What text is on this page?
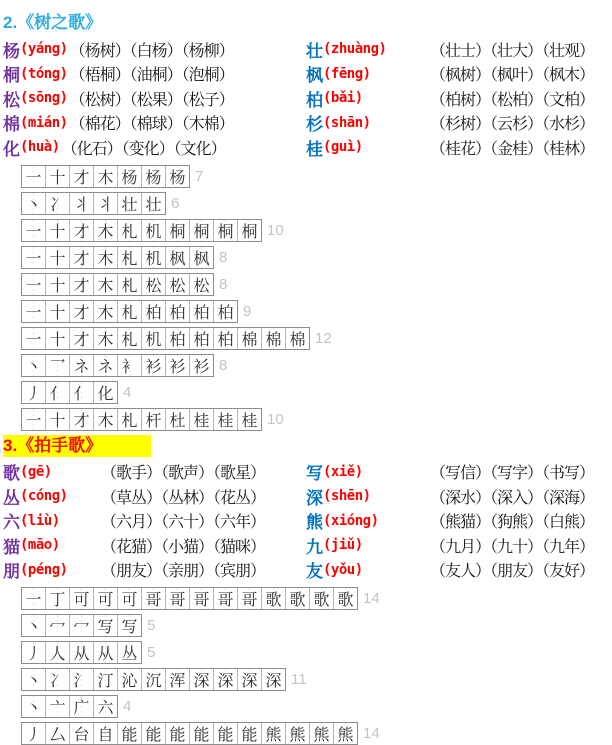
2.《树之歌》
杨 (yáng) （杨树）（白杨）（杨柳）	壮 (zhuàng)	（壮士）（壮大）（壮观）
桐 (tóng) （梧桐）（油桐）（泡桐）	枫 (fēng)	（枫树）（枫叶）（枫木）
松 (sōng) （松树）（松果）（松子）	柏 (bǎi)	（柏树）（松柏）（文柏）
棉 (mián) （棉花）（棉球）（木棉）	杉 (shān)	（杉树）（云杉）（水杉）
化 (huà) （化石）（变化）（文化）	桂 (guì)	（桂花）（金桂）（桂林）
一 十 才 木 杨 杨 杨 7
丶 冫 丬 丬 壮 壮 6
一 十 才 木 札 机 桐 桐 桐 桐 10
一 十 才 木 札 机 枫 枫 8
一 十 才 木 札 松 松 松 8
一 十 才 木 札 柏 柏 柏 柏 9
一 十 才 木 札 机 柏 柏 柏 棉 棉 棉 12
丶 乛 ネ ネ 衤 衫 衫 衫 8
丿 亻 亻 化 4
一 十 才 木 札 杆 杜 桂 桂 桂 10
3.《拍手歌》
歌 (gē)	（歌手）（歌声）（歌星） 写 (xiě)	（写信）（写字）（书写）
丛 (cóng) （草丛）（丛林）（花丛） 深 (shēn)	（深水）（深入）（深海）
六 (liù)	（六月）（六十）（六年） 熊 (xióng)	（熊猫）（狗熊）（白熊）
猫 (māo)	（花猫）（小猫）（猫咪） 九 (jiǔ)	（九月）（九十）（九年）
朋 (péng) （朋友）（亲朋）（宾朋） 友 (yǒu)	（友人）（朋友）（友好）
一 丁 可 可 可 哥 哥 哥 哥 哥 歌 歌 歌 歌 14
丶 冖 冖 写 写 5
丿 人 从 从 丛 5
丶 冫 氵 汀 沁 沉 浑 深 深 深 深 11
丶 亠 广 六 4
丿 厶 台 自 能 能 能 能 能 能 熊 熊 熊 熊 14
